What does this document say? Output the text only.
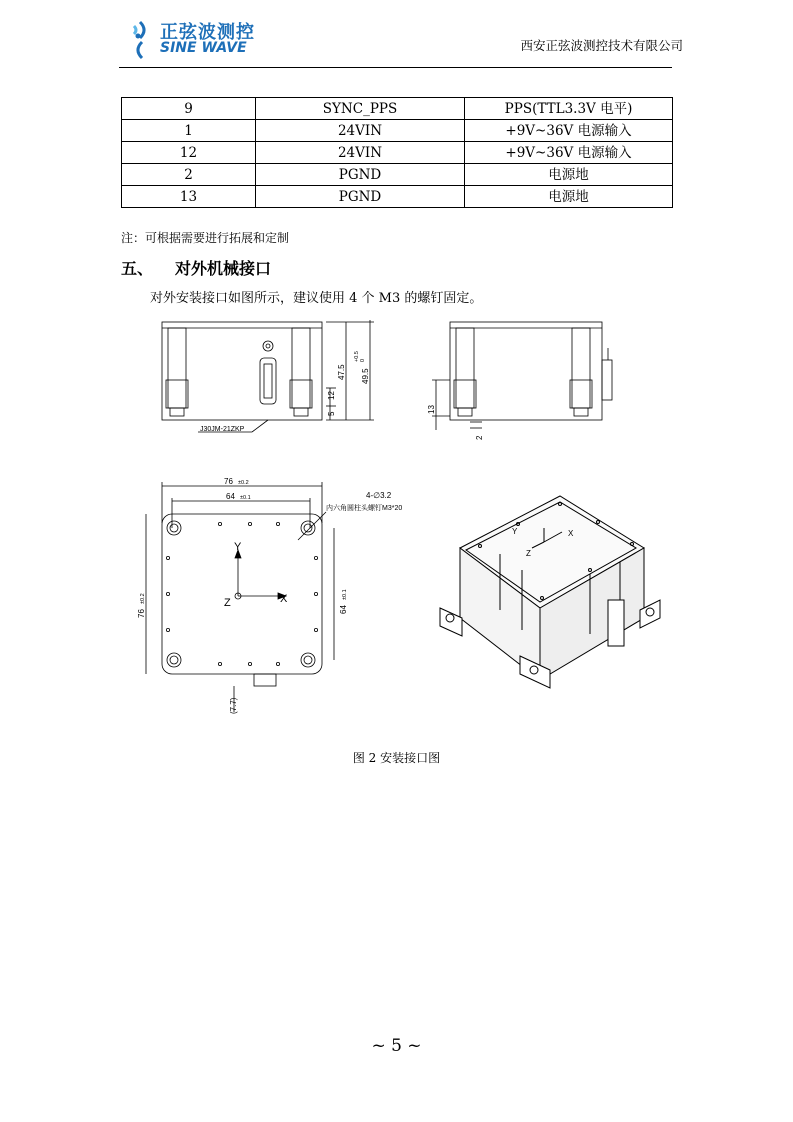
正弦波测控
SINE WAVE	西安正弦波测控技术有限公司
9	SYNC_PPS	PPS(TTL3.3V 电平)
1	24VIN	+9V~36V 电源输入
12	24VIN	+9V~36V 电源输入
2	PGND	电源地
13	PGND	电源地
注：可根据需要进行拓展和定制
五、 对外机械接口
对外安装接口如图所示，建议使用 4 个 M3 的螺钉固定。
J30JM-21ZKP
47.5 49.5
+0.5 0
12
5	13
2
76 ±0.2
64 ±0.1	4-∅3.2
内六角圆柱头螺钉M3*20
Y
Z	X
76
±0.2
64
±0.1
(7.7)
Y
Z
X
图 2 安装接口图
~ 5 ~
